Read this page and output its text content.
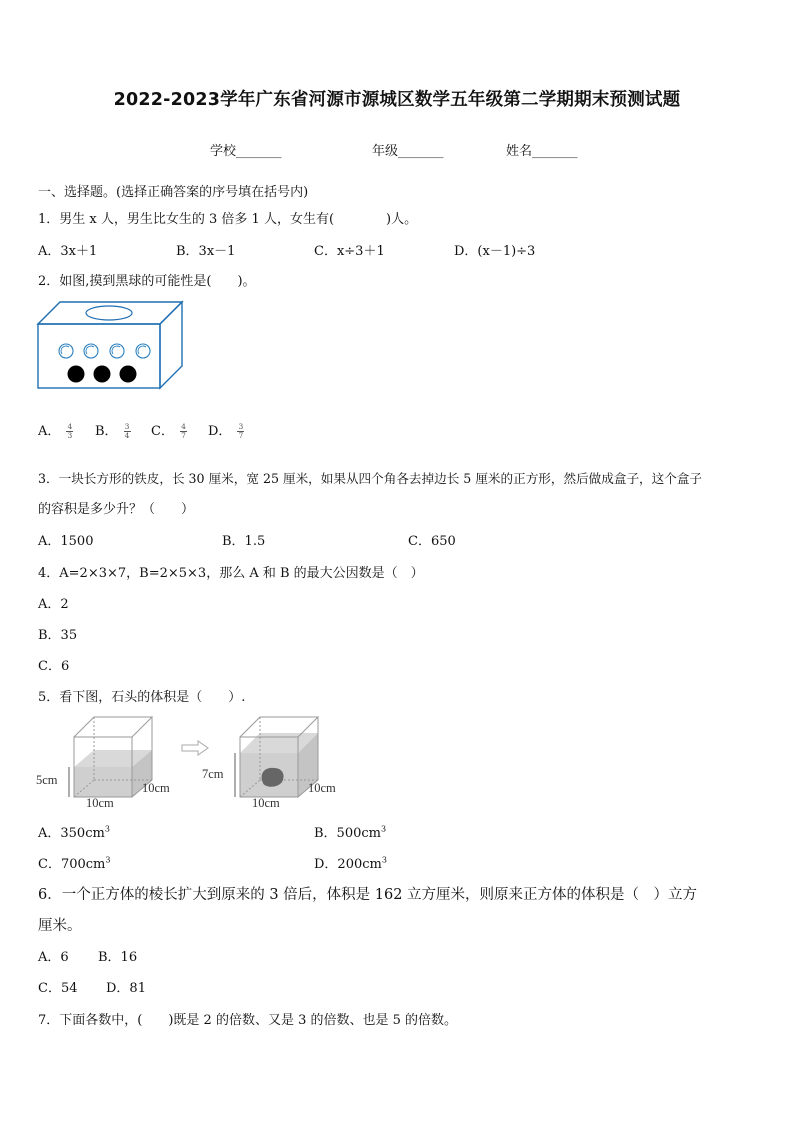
2022-2023学年广东省河源市源城区数学五年级第二学期期末预测试题
学校_______	年级_______	姓名_______
一、选择题。(选择正确答案的序号填在括号内)
1．男生 x 人，男生比女生的 3 倍多 1 人，女生有(　　　　)人。
A．3x＋1	B．3x－1	C．x÷3＋1	D．(x－1)÷3
2．如图,摸到黑球的可能性是(　　)。
A． $\frac{4}{3}$ B． $\frac{3}{4}$ C． $\frac{4}{7}$ D． $\frac{3}{7}$
3．一块长方形的铁皮，长 30 厘米，宽 25 厘米，如果从四个角各去掉边长 5 厘米的正方形，然后做成盒子，这个盒子
的容积是多少升？（　　）
A．1500	B．1.5	C．650
4．A=2×3×7，B=2×5×3，那么 A 和 B 的最大公因数是（　）
A．2
B．35
C．6
5．看下图，石头的体积是（　　）.
5cm
10cm
10cm
7cm
10cm
10cm
A．$350cm^3$	B．$500cm^3$
C．$700cm^3$	D．$200cm^3$
6．一个正方体的棱长扩大到原来的 3 倍后，体积是 162 立方厘米，则原来正方体的体积是（　）立方
厘米。
A．6 B．16
C．54 D．81
7．下面各数中，(　　)既是 2 的倍数、又是 3 的倍数、也是 5 的倍数。
